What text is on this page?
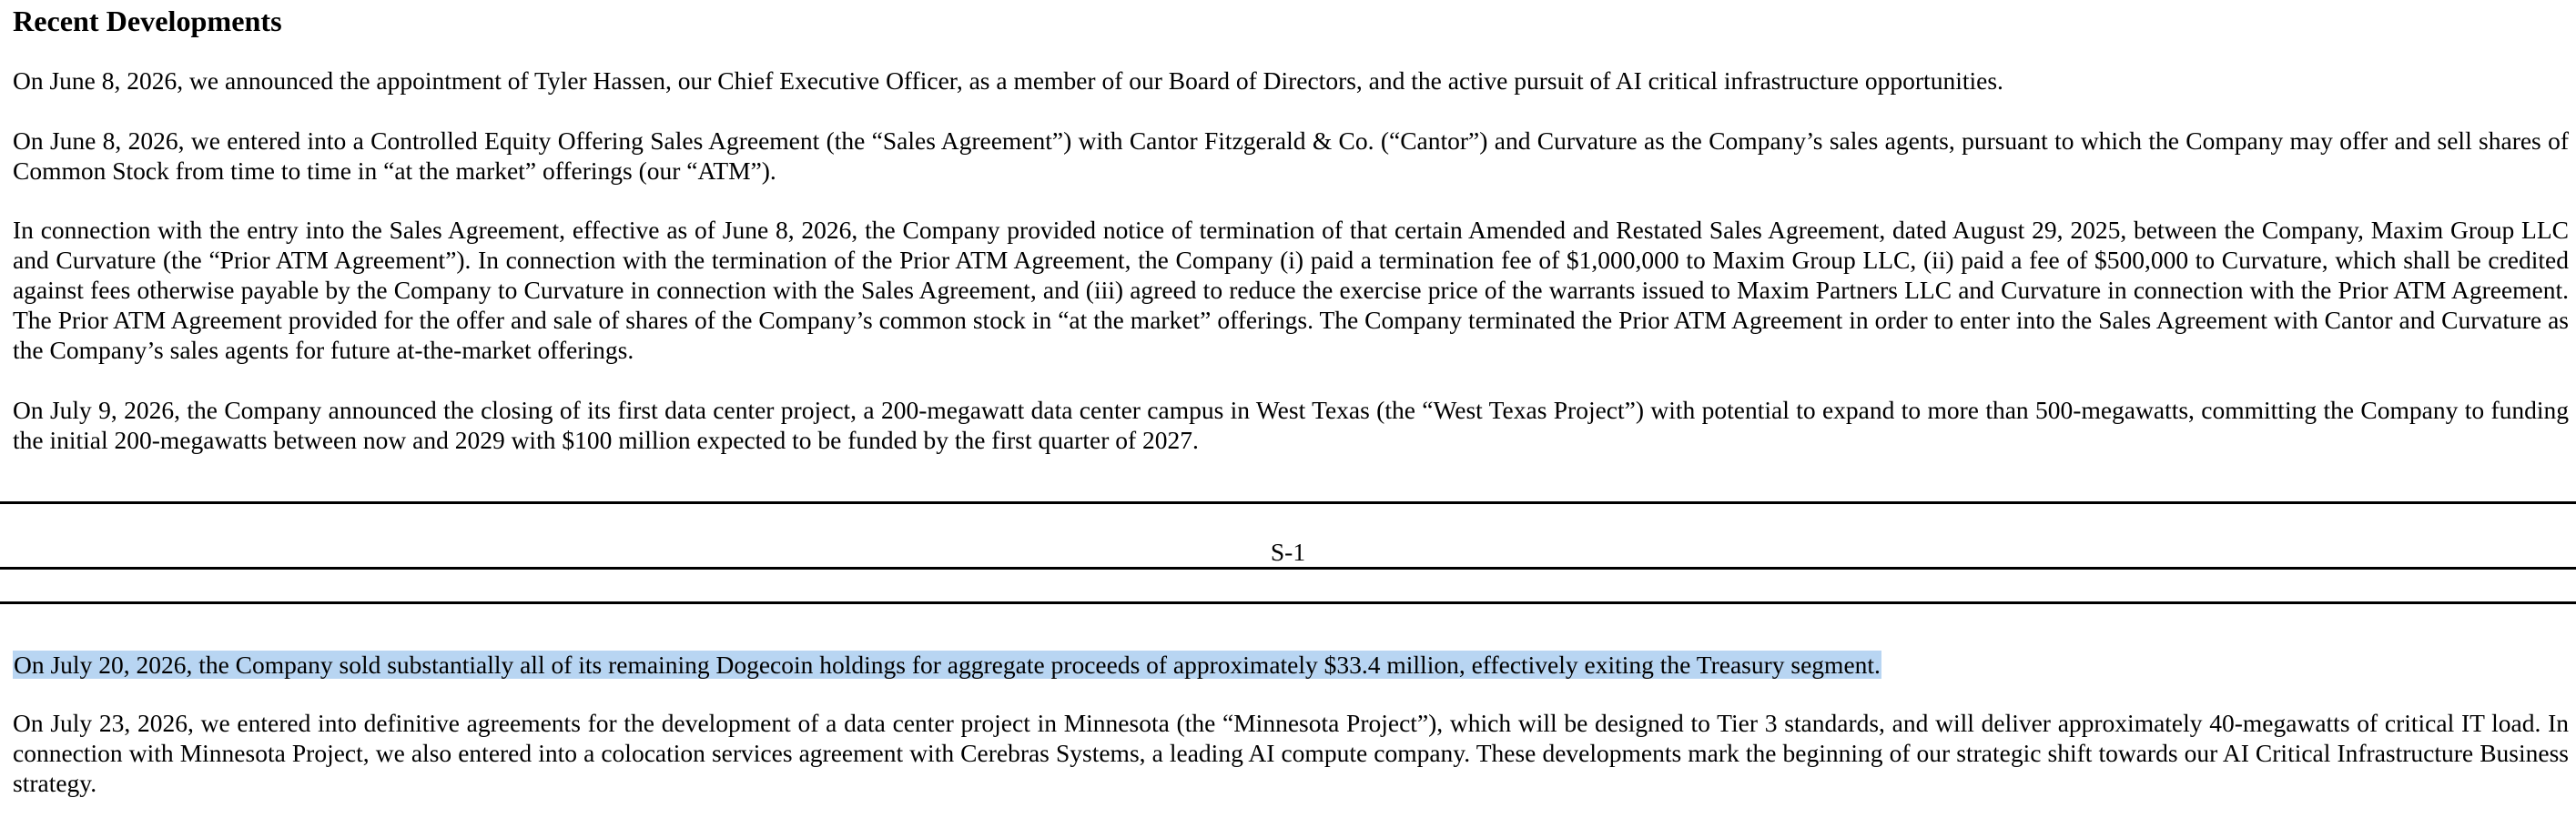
Recent Developments

On June 8, 2026, we announced the appointment of Tyler Hassen, our Chief Executive Officer, as a member of our Board of Directors, and the active pursuit of AI critical infrastructure opportunities.

On June 8, 2026, we entered into a Controlled Equity Offering Sales Agreement (the “Sales Agreement”) with Cantor Fitzgerald & Co. (“Cantor”) and Curvature as the Company’s sales agents, pursuant to which the Company may offer and sell shares of Common Stock from time to time in “at the market” offerings (our “ATM”).

In connection with the entry into the Sales Agreement, effective as of June 8, 2026, the Company provided notice of termination of that certain Amended and Restated Sales Agreement, dated August 29, 2025, between the Company, Maxim Group LLC and Curvature (the “Prior ATM Agreement”). In connection with the termination of the Prior ATM Agreement, the Company (i) paid a termination fee of $1,000,000 to Maxim Group LLC, (ii) paid a fee of $500,000 to Curvature, which shall be credited against fees otherwise payable by the Company to Curvature in connection with the Sales Agreement, and (iii) agreed to reduce the exercise price of the warrants issued to Maxim Partners LLC and Curvature in connection with the Prior ATM Agreement. The Prior ATM Agreement provided for the offer and sale of shares of the Company’s common stock in “at the market” offerings. The Company terminated the Prior ATM Agreement in order to enter into the Sales Agreement with Cantor and Curvature as the Company’s sales agents for future at-the-market offerings.

On July 9, 2026, the Company announced the closing of its first data center project, a 200-megawatt data center campus in West Texas (the “West Texas Project”) with potential to expand to more than 500-megawatts, committing the Company to funding the initial 200-megawatts between now and 2029 with $100 million expected to be funded by the first quarter of 2027.

S-1
On July 20, 2026, the Company sold substantially all of its remaining Dogecoin holdings for aggregate proceeds of approximately $33.4 million, effectively exiting the Treasury segment.

On July 23, 2026, we entered into definitive agreements for the development of a data center project in Minnesota (the “Minnesota Project”), which will be designed to Tier 3 standards, and will deliver approximately 40-megawatts of critical IT load. In connection with Minnesota Project, we also entered into a colocation services agreement with Cerebras Systems, a leading AI compute company. These developments mark the beginning of our strategic shift towards our AI Critical Infrastructure Business strategy.
